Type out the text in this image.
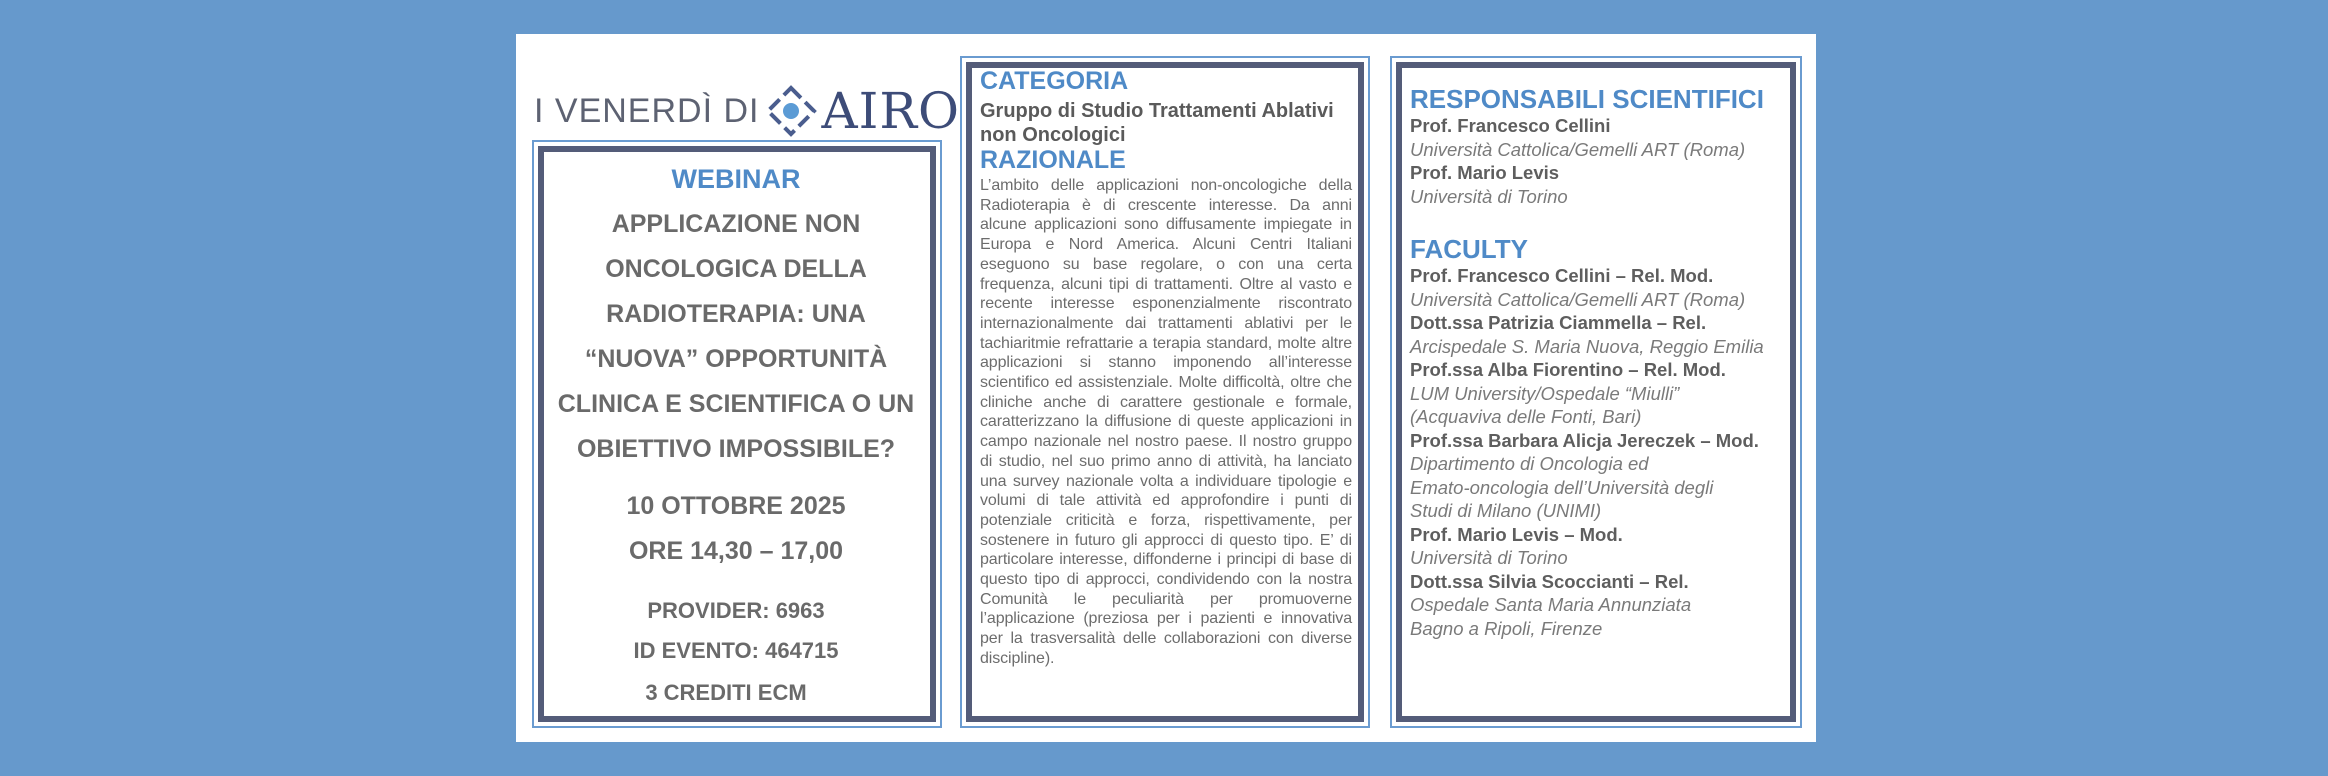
I VENERDÌ DI AIRO
WEBINAR
APPLICAZIONE NON
ONCOLOGICA DELLA
RADIOTERAPIA: UNA
“NUOVA” OPPORTUNITÀ
CLINICA E SCIENTIFICA O UN
OBIETTIVO IMPOSSIBILE?
10 OTTOBRE 2025
ORE 14,30 – 17,00
PROVIDER: 6963
ID EVENTO: 464715
3 CREDITI ECM
CATEGORIA
Gruppo di Studio Trattamenti Ablativi non Oncologici
RAZIONALE
L’ambito delle applicazioni non-oncologiche della Radioterapia è di crescente interesse. Da anni alcune applicazioni sono diffusamente impiegate in Europa e Nord America. Alcuni Centri Italiani eseguono su base regolare, o con una certa frequenza, alcuni tipi di trattamenti. Oltre al vasto e recente interesse esponenzialmente riscontrato internazionalmente dai trattamenti ablativi per le tachiaritmie refrattarie a terapia standard, molte altre applicazioni si stanno imponendo all’interesse scientifico ed assistenziale. Molte difficoltà, oltre che cliniche anche di carattere gestionale e formale, caratterizzano la diffusione di queste applicazioni in campo nazionale nel nostro paese. Il nostro gruppo di studio, nel suo primo anno di attività, ha lanciato una survey nazionale volta a individuare tipologie e volumi di tale attività ed approfondire i punti di potenziale criticità e forza, rispettivamente, per sostenere in futuro gli approcci di questo tipo. E’ di particolare interesse, diffonderne i principi di base di questo tipo di approcci, condividendo con la nostra Comunità le peculiarità per promuoverne l’applicazione (preziosa per i pazienti e innovativa per la trasversalità delle collaborazioni con diverse discipline).
RESPONSABILI SCIENTIFICI
Prof. Francesco Cellini
Università Cattolica/Gemelli ART (Roma)
Prof. Mario Levis
Università di Torino
FACULTY
Prof. Francesco Cellini – Rel. Mod.
Università Cattolica/Gemelli ART (Roma)
Dott.ssa Patrizia Ciammella – Rel.
Arcispedale S. Maria Nuova, Reggio Emilia
Prof.ssa Alba Fiorentino – Rel. Mod.
LUM University/Ospedale “Miulli”
(Acquaviva delle Fonti, Bari)
Prof.ssa Barbara Alicja Jereczek – Mod.
Dipartimento di Oncologia ed
Emato-oncologia dell’Università degli
Studi di Milano (UNIMI)
Prof. Mario Levis – Mod.
Università di Torino
Dott.ssa Silvia Scoccianti – Rel.
Ospedale Santa Maria Annunziata
Bagno a Ripoli, Firenze
